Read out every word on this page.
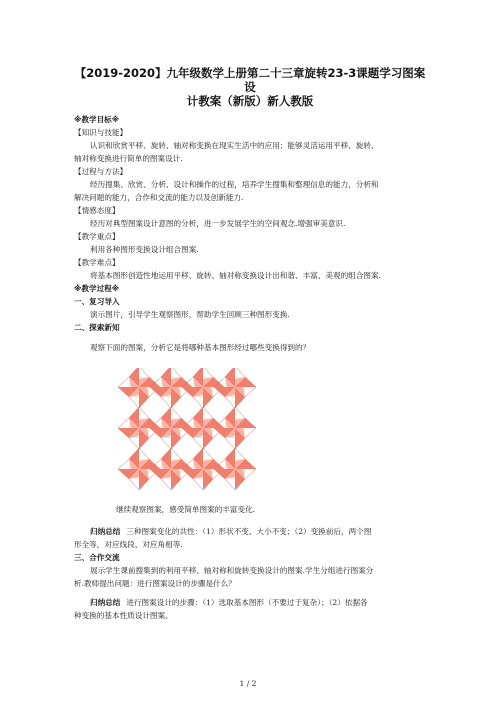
【2019-2020】九年级数学上册第二十三章旋转23-3课题学习图案设
计教案（新版）新人教版
※教学目标※
【知识与技能】
认识和欣赏平移、旋转、轴对称变换在现实生活中的应用；能够灵活运用平移、旋转、
轴对称变换进行简单的图案设计.
【过程与方法】
经历搜集、欣赏、分析、设计和操作的过程，培养学生搜集和整理信息的能力，分析和
解决问题的能力，合作和交流的能力以及创新能力.
【情感态度】
经历对典型图案设计意图的分析，进一步发展学生的空间观念.增强审美意识.
【教学重点】
利用各种图形变换设计组合图案.
【教学难点】
将基本图形创造性地运用平移、旋转、轴对称变换设计出和谐、丰富、美观的组合图案.
※教学过程※
一、复习导入
演示图片，引导学生观察图形，帮助学生回顾三种图形变换.
二、探索新知
观察下面的图案，分析它是将哪种基本图形经过哪些变换得到的？
继续观察图案，感受简单图案的丰富变化.
归纳总结 三种图案变化的共性：（1）形状不变、大小不变；（2）变换前后，两个图
形全等，对应线段、对应角相等.
三、合作交流
展示学生课前搜集到的利用平移、轴对称和旋转变换设计的图案.学生分组进行图案分
析.教师提出问题：进行图案设计的步骤是什么？
归纳总结 进行图案设计的步骤：（1）选取基本图形（不要过于复杂）；（2）依据各
种变换的基本性质设计图案。
1 / 2
